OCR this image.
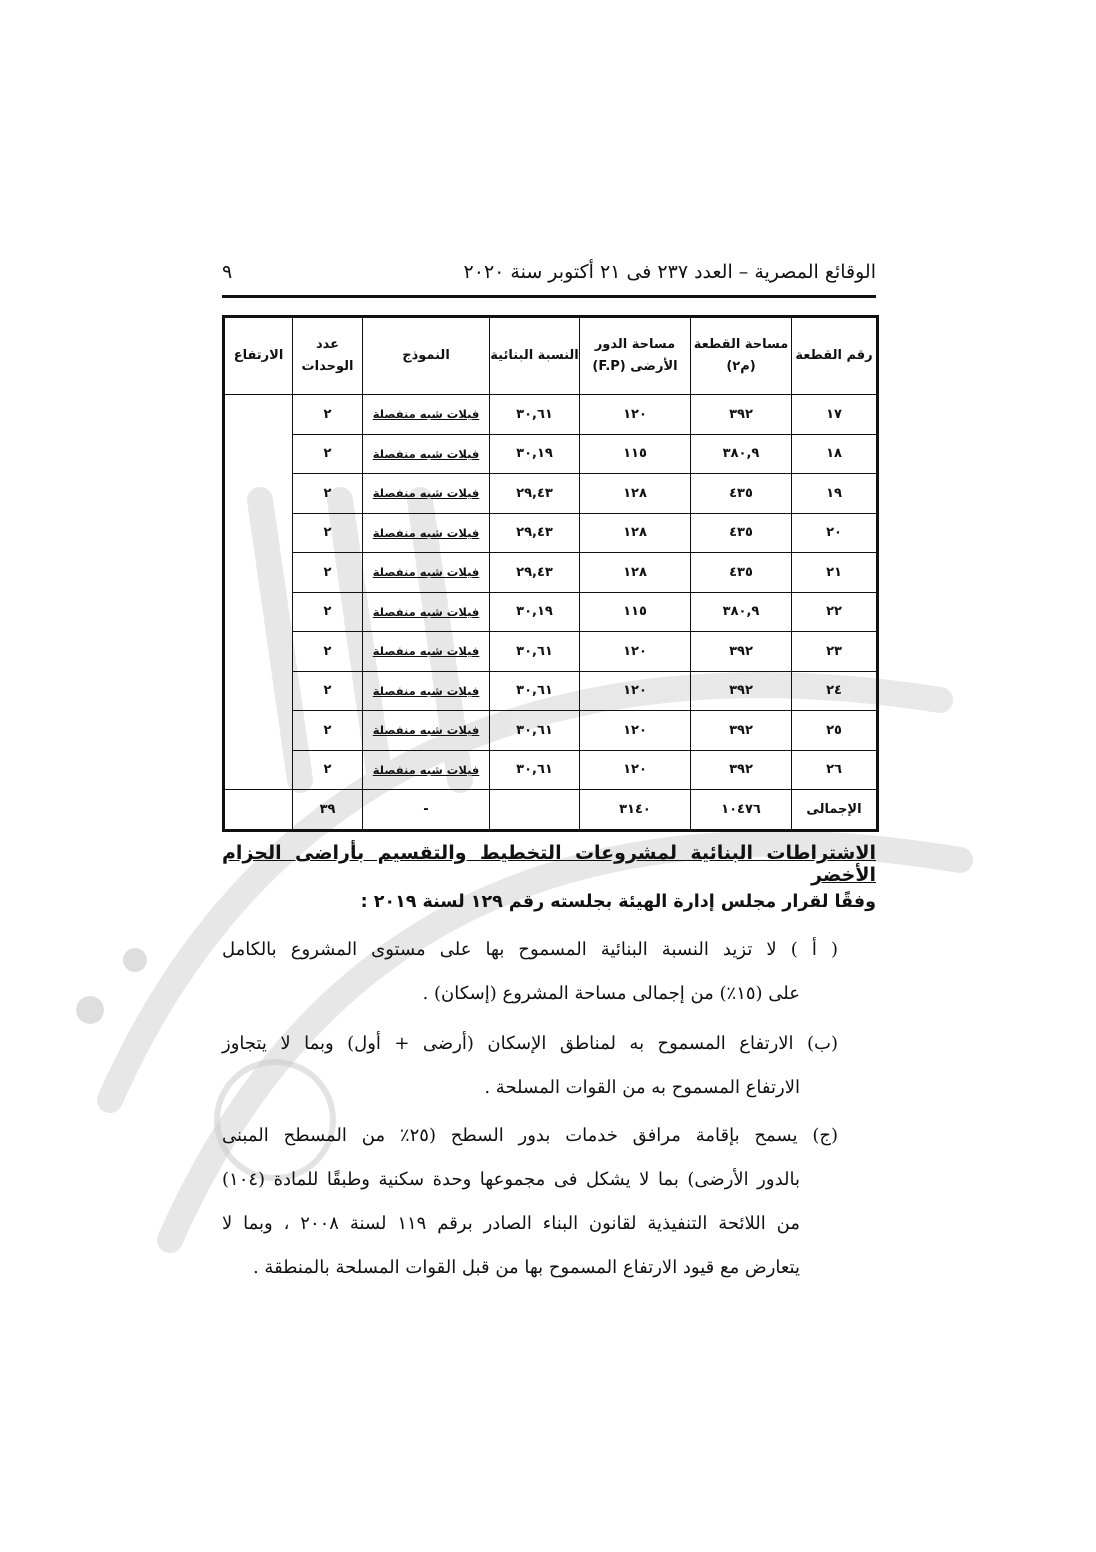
الوقائع المصرية – العدد ٢٣٧ فى ٢١ أكتوبر سنة ٢٠٢٠
٩
رقم القطعة	مساحة القطعة (م٢)	مساحة الدور الأرضى (F.P)	النسبة البنائية	النموذج	عدد الوحدات	الارتفاع
١٧	٣٩٢	١٢٠	٣٠,٦١	فيلات شبه منفصلة	٢	
١٨	٣٨٠,٩	١١٥	٣٠,١٩	فيلات شبه منفصلة	٢	
١٩	٤٣٥	١٢٨	٢٩,٤٣	فيلات شبه منفصلة	٢	
٢٠	٤٣٥	١٢٨	٢٩,٤٣	فيلات شبه منفصلة	٢	
٢١	٤٣٥	١٢٨	٢٩,٤٣	فيلات شبه منفصلة	٢	
٢٢	٣٨٠,٩	١١٥	٣٠,١٩	فيلات شبه منفصلة	٢	
٢٣	٣٩٢	١٢٠	٣٠,٦١	فيلات شبه منفصلة	٢	
٢٤	٣٩٢	١٢٠	٣٠,٦١	فيلات شبه منفصلة	٢	
٢٥	٣٩٢	١٢٠	٣٠,٦١	فيلات شبه منفصلة	٢	
٢٦	٣٩٢	١٢٠	٣٠,٦١	فيلات شبه منفصلة	٢	
الإجمالى	١٠٤٧٦	٣١٤٠		-	٣٩	
الاشتراطات البنائية لمشروعات التخطيط والتقسيم بأراضى الحزام الأخضر
وفقًا لقرار مجلس إدارة الهيئة بجلسته رقم ١٢٩ لسنة ٢٠١٩ :
( أ ) لا تزيد النسبة البنائية المسموح بها على مستوى المشروع بالكامل
على (١٥٪) من إجمالى مساحة المشروع (إسكان) .
(ب) الارتفاع المسموح به لمناطق الإسكان (أرضى + أول) وبما لا يتجاوز
الارتفاع المسموح به من القوات المسلحة .
(ج) يسمح بإقامة مرافق خدمات بدور السطح (٢٥٪ من المسطح المبنى
بالدور الأرضى) بما لا يشكل فى مجموعها وحدة سكنية وطبقًا للمادة (١٠٤)
من اللائحة التنفيذية لقانون البناء الصادر برقم ١١٩ لسنة ٢٠٠٨ ، وبما لا
يتعارض مع قيود الارتفاع المسموح بها من قبل القوات المسلحة بالمنطقة .
